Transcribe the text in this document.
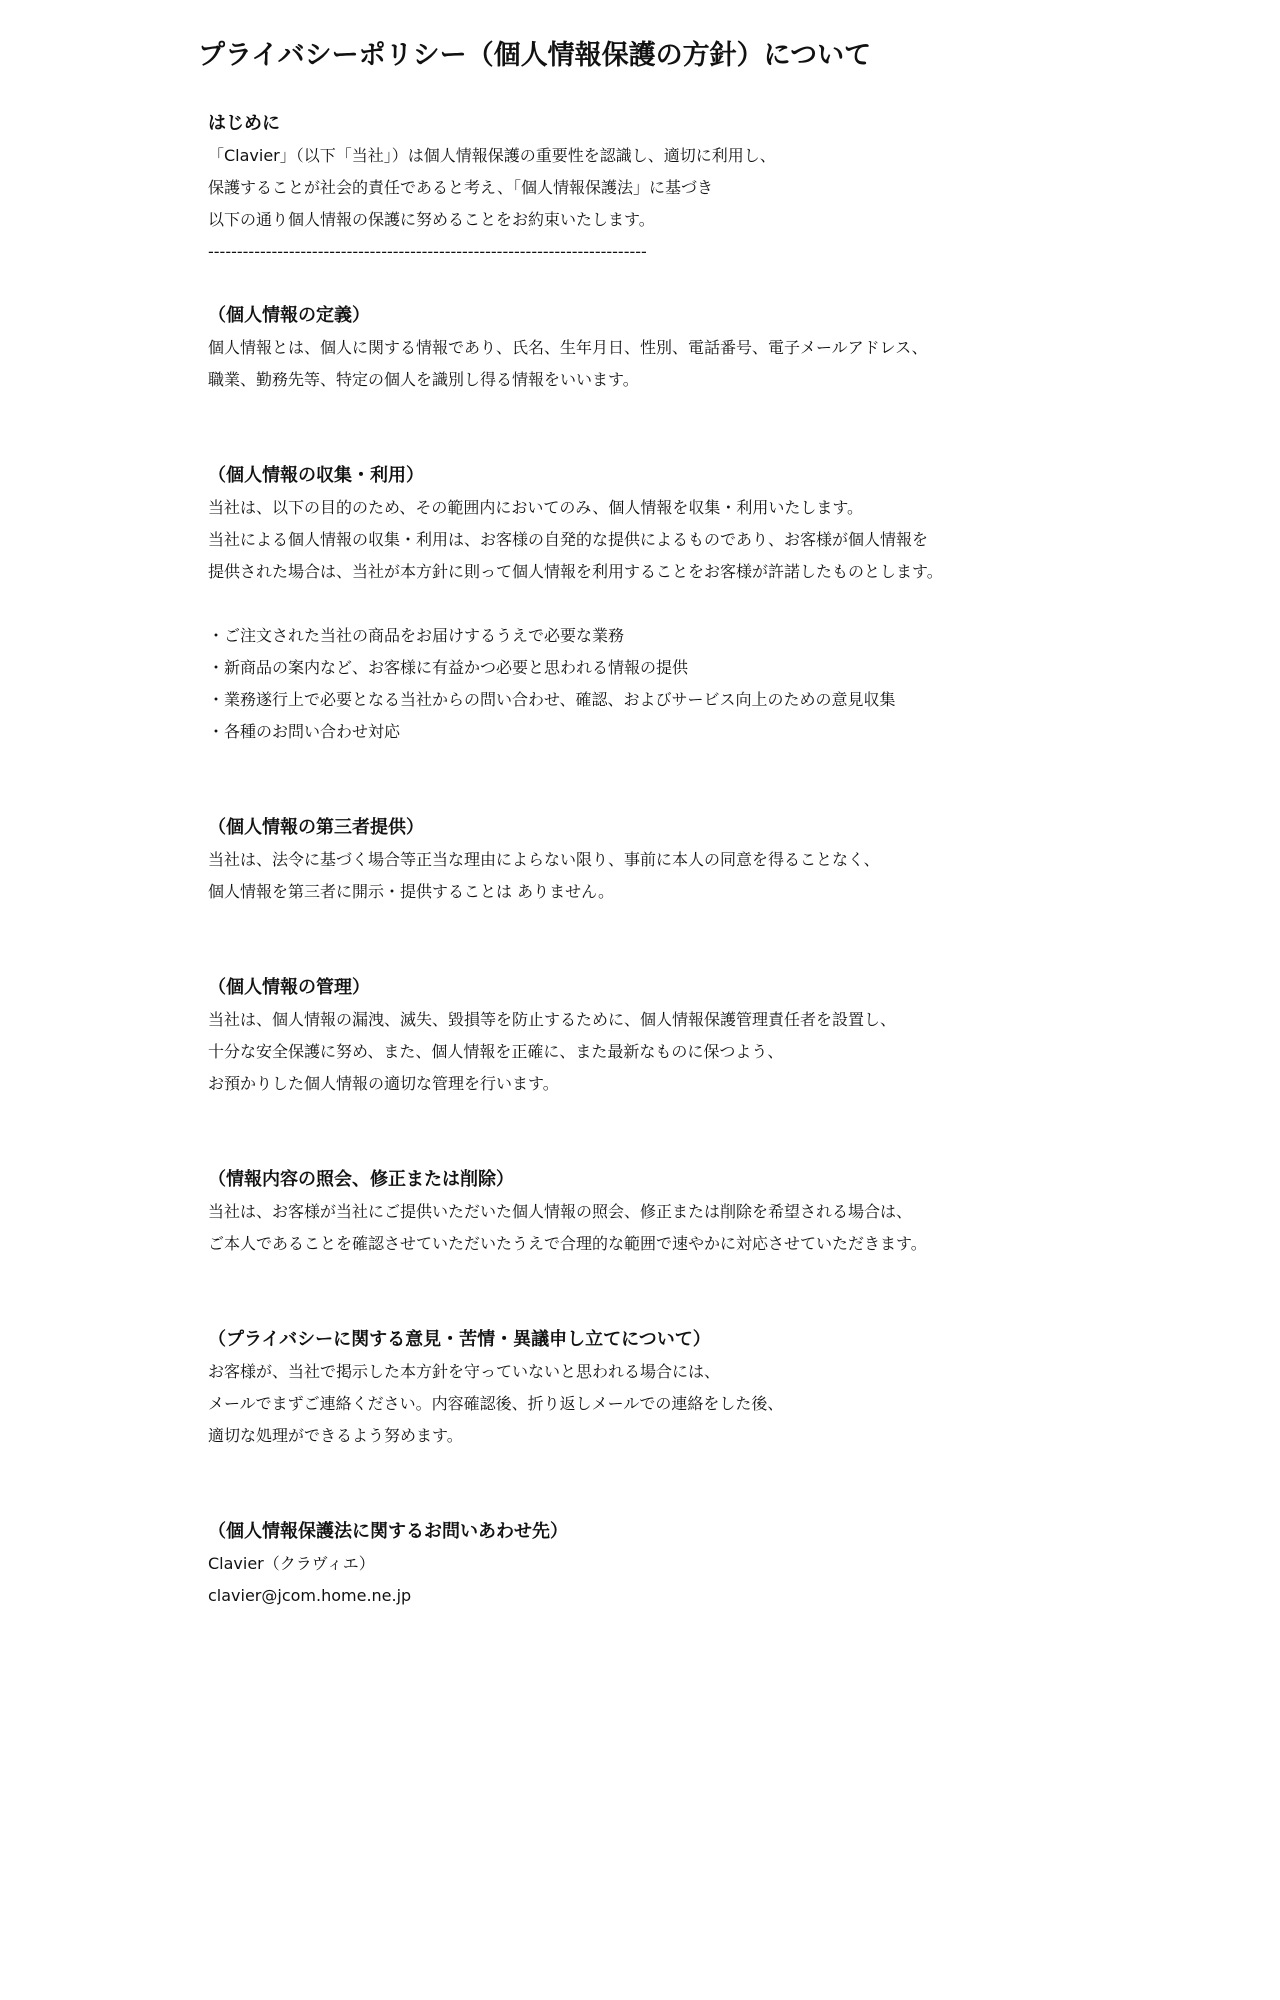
プライバシーポリシー（個人情報保護の方針）について
はじめに

「Clavier」（以下「当社」）は個人情報保護の重要性を認識し、適切に利用し、

保護することが社会的責任であると考え、「個人情報保護法」に基づき

以下の通り個人情報の保護に努めることをお約束いたします。

----------------------------------------------------------------------------

（個人情報の定義）

個人情報とは、個人に関する情報であり、氏名、生年月日、性別、電話番号、電子メールアドレス、

職業、勤務先等、特定の個人を識別し得る情報をいいます。

（個人情報の収集・利用）

当社は、以下の目的のため、その範囲内においてのみ、個人情報を収集・利用いたします。

当社による個人情報の収集・利用は、お客様の自発的な提供によるものであり、お客様が個人情報を

提供された場合は、当社が本方針に則って個人情報を利用することをお客様が許諾したものとします。

・ご注文された当社の商品をお届けするうえで必要な業務

・新商品の案内など、お客様に有益かつ必要と思われる情報の提供

・業務遂行上で必要となる当社からの問い合わせ、確認、およびサービス向上のための意見収集

・各種のお問い合わせ対応

（個人情報の第三者提供）

当社は、法令に基づく場合等正当な理由によらない限り、事前に本人の同意を得ることなく、

個人情報を第三者に開示・提供することは ありません。

（個人情報の管理）

当社は、個人情報の漏洩、滅失、毀損等を防止するために、個人情報保護管理責任者を設置し、

十分な安全保護に努め、また、個人情報を正確に、また最新なものに保つよう、

お預かりした個人情報の適切な管理を行います。

（情報内容の照会、修正または削除）

当社は、お客様が当社にご提供いただいた個人情報の照会、修正または削除を希望される場合は、

ご本人であることを確認させていただいたうえで合理的な範囲で速やかに対応させていただきます。

（プライバシーに関する意見・苦情・異議申し立てについて）

お客様が、当社で掲示した本方針を守っていないと思われる場合には、

メールでまずご連絡ください。内容確認後、折り返しメールでの連絡をした後、

適切な処理ができるよう努めます。

（個人情報保護法に関するお問いあわせ先）

Clavier（クラヴィエ）

clavier@jcom.home.ne.jp
